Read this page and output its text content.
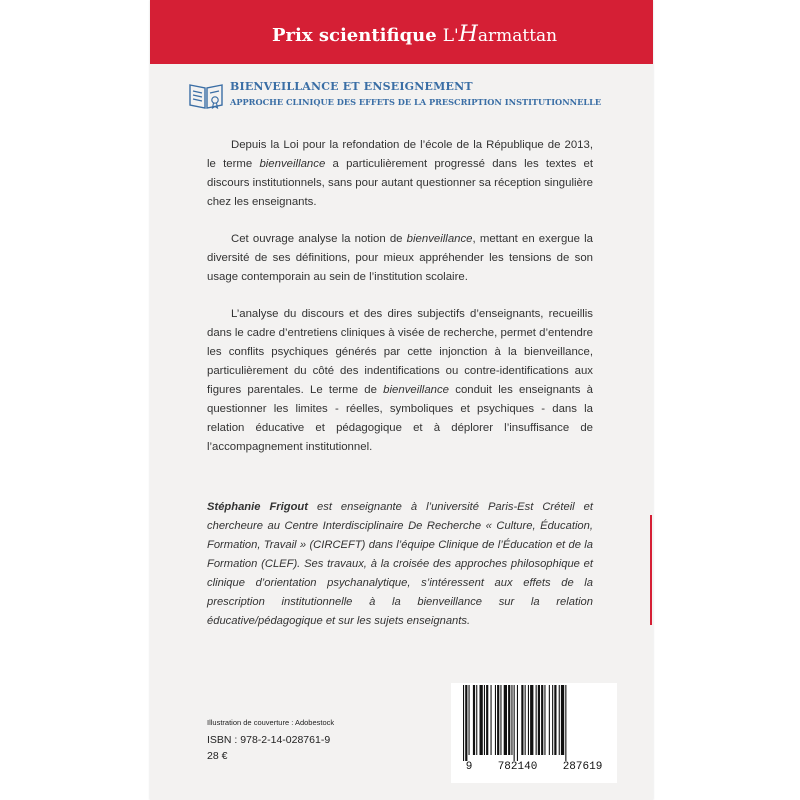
Prix scientifique L'Harmattan
BIENVEILLANCE ET ENSEIGNEMENT
APPROCHE CLINIQUE DES EFFETS DE LA PRESCRIPTION INSTITUTIONNELLE

Depuis la Loi pour la refondation de l’école de la République de 2013, le terme bienveillance a particulièrement progressé dans les textes et discours institutionnels, sans pour autant questionner sa réception singulière chez les enseignants.

Cet ouvrage analyse la notion de bienveillance, mettant en exergue la diversité de ses définitions, pour mieux appréhender les tensions de son usage contemporain au sein de l’institution scolaire.

L’analyse du discours et des dires subjectifs d’enseignants, recueillis dans le cadre d’entretiens cliniques à visée de recherche, permet d’entendre les conflits psychiques générés par cette injonction à la bienveillance, particulièrement du côté des indentifications ou contre-identifications aux figures parentales. Le terme de bienveillance conduit les enseignants à questionner les limites - réelles, symboliques et psychiques - dans la relation éducative et pédagogique et à déplorer l’insuffisance de l’accompagnement institutionnel.

Stéphanie Frigout est enseignante à l’université Paris-Est Créteil et chercheure au Centre Interdisciplinaire De Recherche « Culture, Éducation, Formation, Travail » (CIRCEFT) dans l’équipe Clinique de l’Éducation et de la Formation (CLEF). Ses travaux, à la croisée des approches philosophique et clinique d’orientation psychanalytique, s’intéressent aux effets de la prescription institutionnelle à la bienveillance sur la relation éducative/pédagogique et sur les sujets enseignants.
Illustration de couverture : Adobestock
ISBN : 978-2-14-028761-9
28 €
9 782140 287619
